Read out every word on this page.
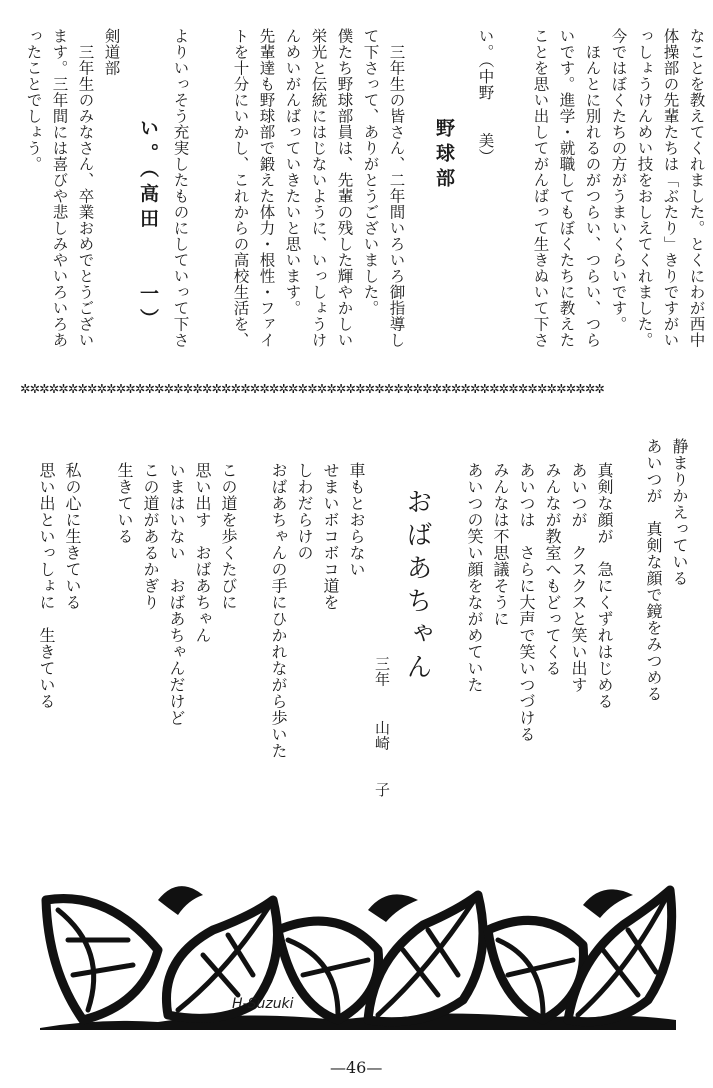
なことを教えてくれました。とくにわが西中
体操部の先輩たちは「ぶたり」きりですがい
っしょうけんめい技をおしえてくれました。
今ではぼくたちの方がうまいくらいです。
　ほんとに別れるのがつらい、つらい、つら
いです。進学・就職してもぼくたちに教えた
ことを思い出してがんばって生きぬいて下さ
い。（中野　　美）
野球部
　三年生の皆さん、二年間いろいろ御指導し
て下さって、ありがとうございました。
僕たち野球部員は、先輩の残した輝やかしい
栄光と伝統にはじないように、いっしょうけ
んめいがんばっていきたいと思います。
先輩達も野球部で鍛えた体力・根性・ファイ
トを十分にいかし、これからの高校生活を、
よりいっそう充実したものにしていって下さ
い。（高田　　一）
剣道部
　三年生のみなさん、卒業おめでとうござい
ます。三年間には喜びや悲しみやいろいろあ
ったことでしょう。
✲✲✲✲✲✲✲✲✲✲✲✲✲✲✲✲✲✲✲✲✲✲✲✲✲✲✲✲✲✲✲✲✲✲✲✲✲✲✲✲✲✲✲✲✲✲✲✲✲✲✲✲✲✲✲✲✲✲✲✲✲
静まりかえっている
あいつが　真剣な顔で鏡をみつめる
真剣な顔が　急にくずれはじめる
あいつが　クスクスと笑い出す
みんなが教室へもどってくる
あいつは　さらに大声で笑いつづける
みんなは不思議そうに
あいつの笑い顔をながめていた
おばあちゃん
三年
山崎　　子
車もとおらない
せまいボコボコ道を
しわだらけの
おばあちゃんの手にひかれながら歩いた
この道を歩くたびに
思い出す　おばあちゃん
いまはいない　おばあちゃんだけど
この道があるかぎり
生きている
私の心に生きている
思い出といっしょに　生きている
H-Suzuki
—46—
